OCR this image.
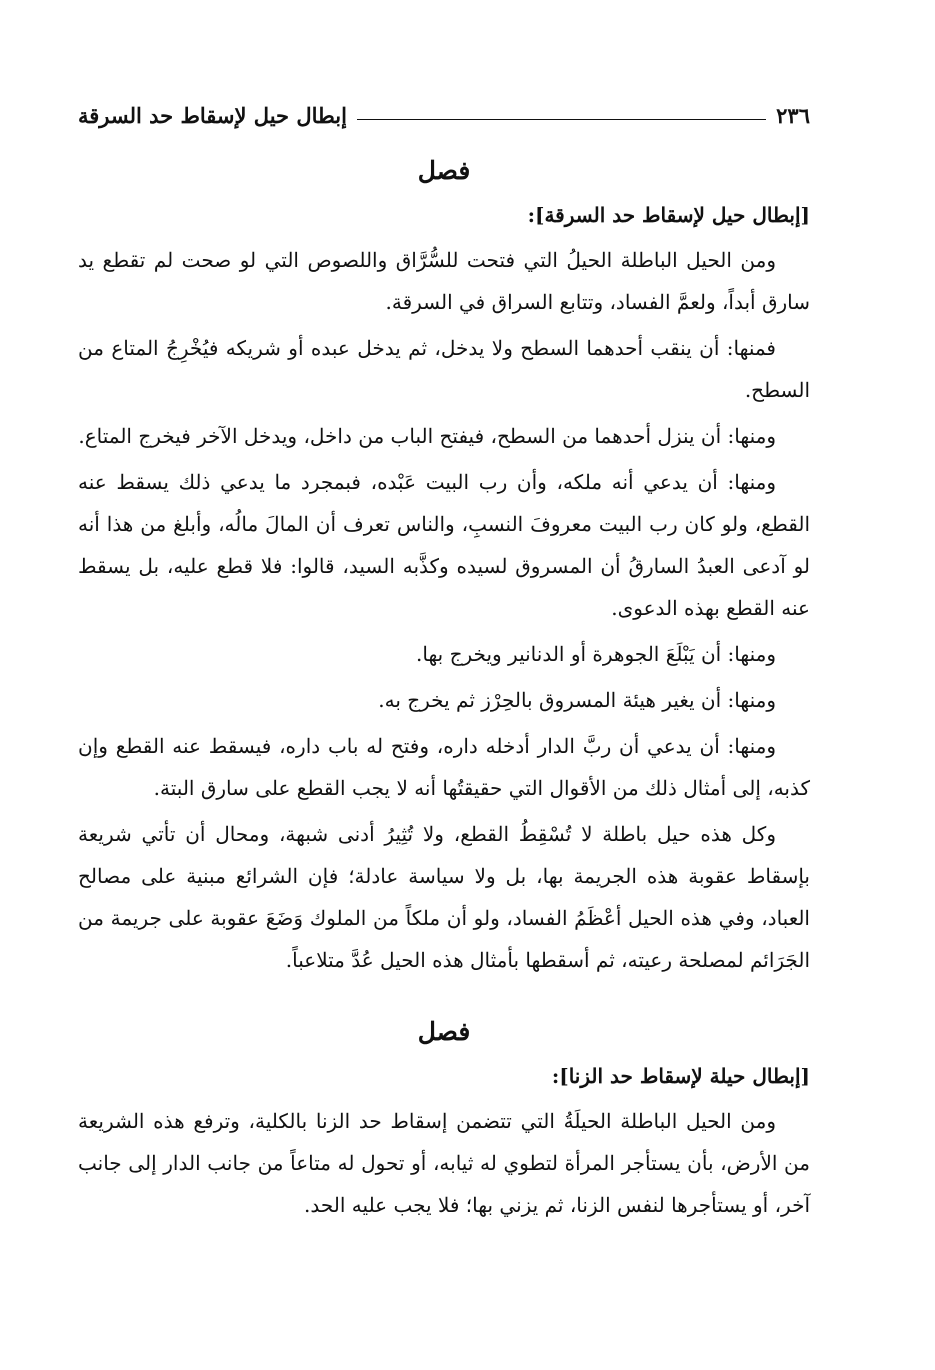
٢٣٦
إبطال حيل لإسقاط حد السرقة
فصل
[إبطال حيل لإسقاط حد السرقة]:

ومن الحيل الباطلة الحيلُ التي فتحت للسُّرَّاق واللصوص التي لو صحت لم تقطع يد سارق أبداً، ولعمَّ الفساد، وتتابع السراق في السرقة.

فمنها: أن ينقب أحدهما السطح ولا يدخل، ثم يدخل عبده أو شريكه فيُخْرِجُ المتاع من السطح.

ومنها: أن ينزل أحدهما من السطح، فيفتح الباب من داخل، ويدخل الآخر فيخرج المتاع.

ومنها: أن يدعي أنه ملكه، وأن رب البيت عَبْده، فبمجرد ما يدعي ذلك يسقط عنه القطع، ولو كان رب البيت معروفَ النسبِ، والناس تعرف أن المالَ مالُه، وأبلغ من هذا أنه لو آدعى العبدُ السارقُ أن المسروق لسيده وكذَّبه السيد، قالوا: فلا قطع عليه، بل يسقط عنه القطع بهذه الدعوى.

ومنها: أن يَبْلَعَ الجوهرة أو الدنانير ويخرج بها.

ومنها: أن يغير هيئة المسروق بالحِرْز ثم يخرج به.

ومنها: أن يدعي أن ربَّ الدار أدخله داره، وفتح له باب داره، فيسقط عنه القطع وإن كذبه، إلى أمثال ذلك من الأقوال التي حقيقتُها أنه لا يجب القطع على سارق البتة.

وكل هذه حيل باطلة لا تُسْقِطُ القطع، ولا تُثِيرُ أدنى شبهة، ومحال أن تأتي شريعة بإسقاط عقوبة هذه الجريمة بها، بل ولا سياسة عادلة؛ فإن الشرائع مبنية على مصالح العباد، وفي هذه الحيل أعْظَمُ الفساد، ولو أن ملكاً من الملوك وَضَعَ عقوبة على جريمة من الجَرَائم لمصلحة رعيته، ثم أسقطها بأمثال هذه الحيل عُدَّ متلاعباً.

فصل
[إبطال حيلة لإسقاط حد الزنا]:

ومن الحيل الباطلة الحيلَةُ التي تتضمن إسقاط حد الزنا بالكلية، وترفع هذه الشريعة من الأرض، بأن يستأجر المرأة لتطوي له ثيابه، أو تحول له متاعاً من جانب الدار إلى جانب آخر، أو يستأجرها لنفس الزنا، ثم يزني بها؛ فلا يجب عليه الحد.
